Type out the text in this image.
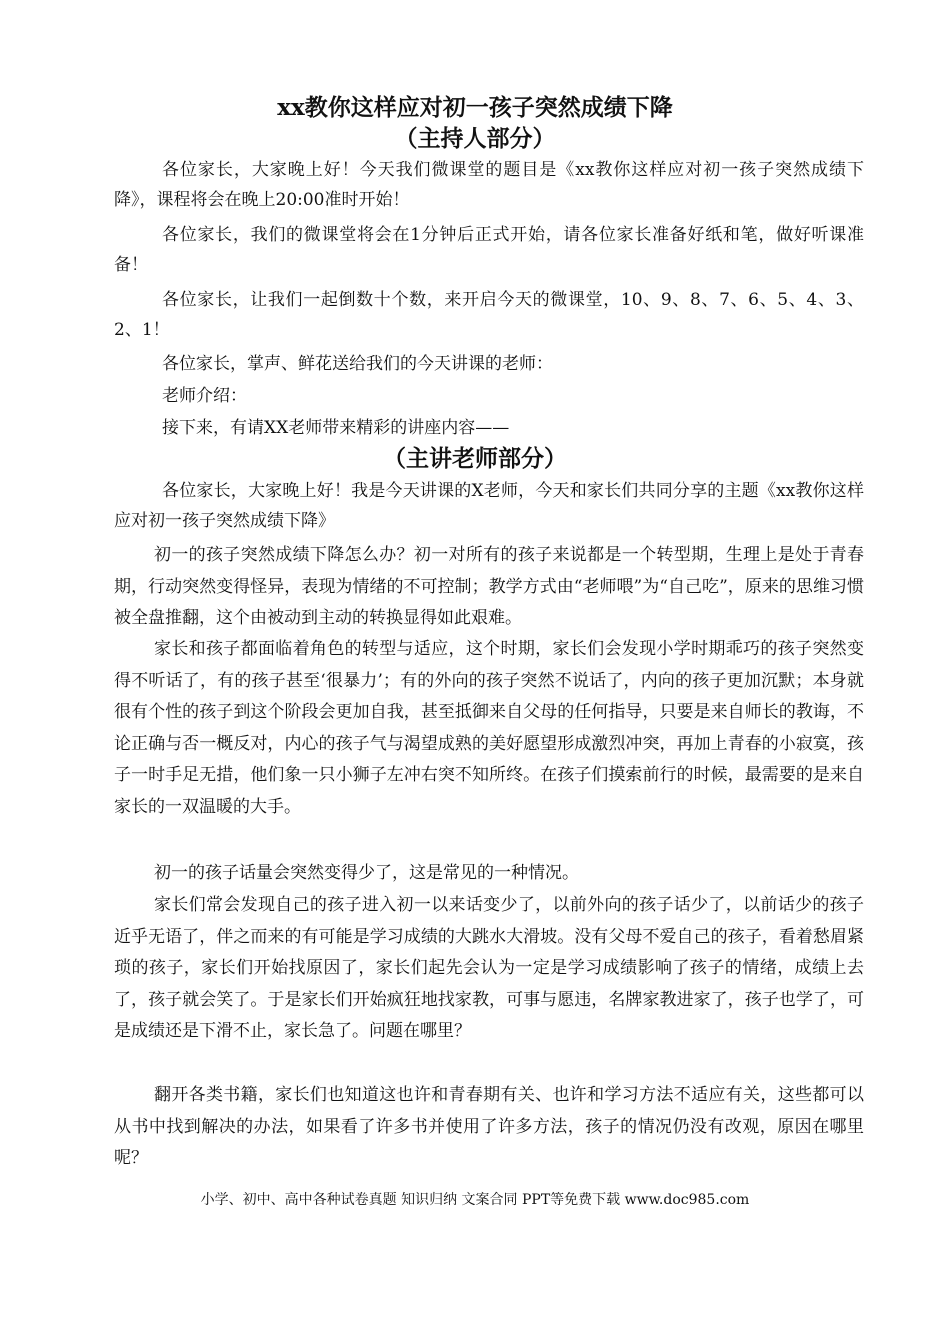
xx教你这样应对初一孩子突然成绩下降
（主持人部分）

各位家长，大家晚上好！今天我们微课堂的题目是《xx教你这样应对初一孩子突然成绩下降》，课程将会在晚上20:00准时开始！

各位家长，我们的微课堂将会在1分钟后正式开始，请各位家长准备好纸和笔，做好听课准备！

各位家长，让我们一起倒数十个数，来开启今天的微课堂，10、9、8、7、6、5、4、3、2、1！

各位家长，掌声、鲜花送给我们的今天讲课的老师：

老师介绍：

接下来，有请XX老师带来精彩的讲座内容——

（主讲老师部分）

各位家长，大家晚上好！我是今天讲课的X老师，今天和家长们共同分享的主题《xx教你这样应对初一孩子突然成绩下降》

初一的孩子突然成绩下降怎么办？初一对所有的孩子来说都是一个转型期，生理上是处于青春期，行动突然变得怪异，表现为情绪的不可控制；教学方式由“老师喂”为“自己吃”，原来的思维习惯被全盘推翻，这个由被动到主动的转换显得如此艰难。

家长和孩子都面临着角色的转型与适应，这个时期，家长们会发现小学时期乖巧的孩子突然变得不听话了，有的孩子甚至‘很暴力’；有的外向的孩子突然不说话了，内向的孩子更加沉默；本身就很有个性的孩子到这个阶段会更加自我，甚至抵御来自父母的任何指导，只要是来自师长的教诲，不论正确与否一概反对，内心的孩子气与渴望成熟的美好愿望形成激烈冲突，再加上青春的小寂寞，孩子一时手足无措，他们象一只小狮子左冲右突不知所终。在孩子们摸索前行的时候，最需要的是来自家长的一双温暖的大手。

初一的孩子话量会突然变得少了，这是常见的一种情况。

家长们常会发现自己的孩子进入初一以来话变少了，以前外向的孩子话少了，以前话少的孩子近乎无语了，伴之而来的有可能是学习成绩的大跳水大滑坡。没有父母不爱自己的孩子，看着愁眉紧琐的孩子，家长们开始找原因了，家长们起先会认为一定是学习成绩影响了孩子的情绪，成绩上去了，孩子就会笑了。于是家长们开始疯狂地找家教，可事与愿违，名牌家教进家了，孩子也学了，可是成绩还是下滑不止，家长急了。问题在哪里？

翻开各类书籍，家长们也知道这也许和青春期有关、也许和学习方法不适应有关，这些都可以从书中找到解决的办法，如果看了许多书并使用了许多方法，孩子的情况仍没有改观，原因在哪里呢？

小学、初中、高中各种试卷真题 知识归纳 文案合同 PPT等免费下载 www.doc985.com
